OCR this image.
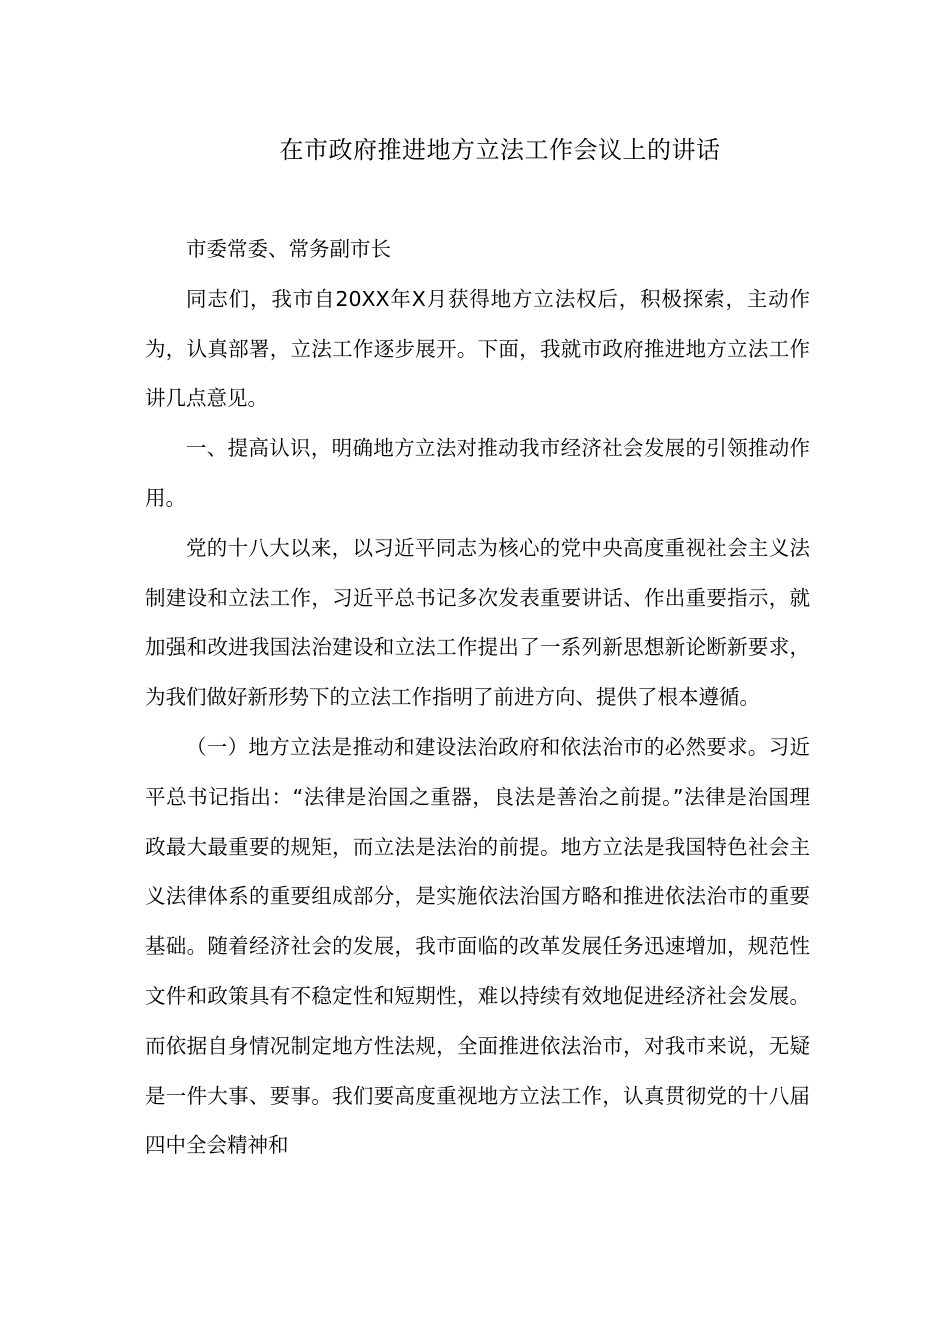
在市政府推进地方立法工作会议上的讲话

市委常委、常务副市长

同志们，我市自20XX年X月获得地方立法权后，积极探索，主动作为，认真部署，立法工作逐步展开。下面，我就市政府推进地方立法工作讲几点意见。

一、提高认识，明确地方立法对推动我市经济社会发展的引领推动作用。

党的十八大以来，以习近平同志为核心的党中央高度重视社会主义法制建设和立法工作，习近平总书记多次发表重要讲话、作出重要指示，就加强和改进我国法治建设和立法工作提出了一系列新思想新论断新要求，为我们做好新形势下的立法工作指明了前进方向、提供了根本遵循。

（一）地方立法是推动和建设法治政府和依法治市的必然要求。习近平总书记指出：“法律是治国之重器，良法是善治之前提。”法律是治国理政最大最重要的规矩，而立法是法治的前提。地方立法是我国特色社会主义法律体系的重要组成部分，是实施依法治国方略和推进依法治市的重要基础。随着经济社会的发展，我市面临的改革发展任务迅速增加，规范性文件和政策具有不稳定性和短期性，难以持续有效地促进经济社会发展。而依据自身情况制定地方性法规，全面推进依法治市，对我市来说，无疑是一件大事、要事。我们要高度重视地方立法工作，认真贯彻党的十八届四中全会精神和
